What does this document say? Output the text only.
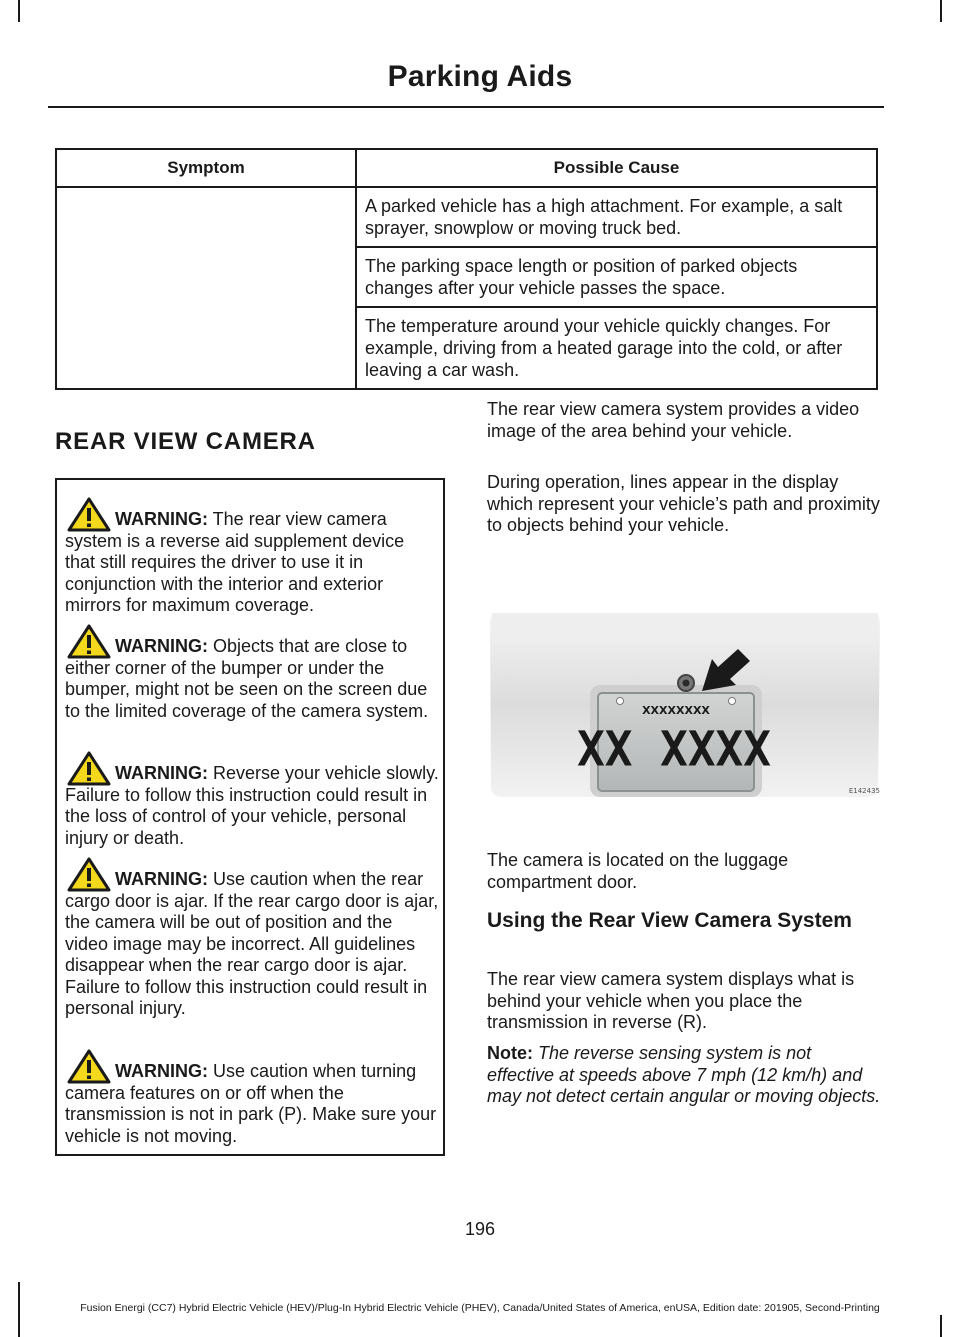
Parking Aids
Symptom	Possible Cause
	A parked vehicle has a high attachment. For example, a salt sprayer, snowplow or moving truck bed.
	The parking space length or position of parked objects changes after your vehicle passes the space.
	The temperature around your vehicle quickly changes. For example, driving from a heated garage into the cold, or after leaving a car wash.
REAR VIEW CAMERA

WARNING: The rear view camera system is a reverse aid supplement device that still requires the driver to use it in conjunction with the interior and exterior mirrors for maximum coverage.

WARNING: Objects that are close to either corner of the bumper or under the bumper, might not be seen on the screen due to the limited coverage of the camera system.

WARNING: Reverse your vehicle slowly. Failure to follow this instruction could result in the loss of control of your vehicle, personal injury or death.

WARNING: Use caution when the rear cargo door is ajar. If the rear cargo door is ajar, the camera will be out of position and the video image may be incorrect. All guidelines disappear when the rear cargo door is ajar. Failure to follow this instruction could result in personal injury.

WARNING: Use caution when turning camera features on or off when the transmission is not in park (P). Make sure your vehicle is not moving.

The rear view camera system provides a video image of the area behind your vehicle.

During operation, lines appear in the display which represent your vehicle’s path and proximity to objects behind your vehicle.

XXXXXXXX
XX XXXX
E142435

The camera is located on the luggage compartment door.

Using the Rear View Camera System

The rear view camera system displays what is behind your vehicle when you place the transmission in reverse (R).

Note: The reverse sensing system is not effective at speeds above 7 mph (12 km/h) and may not detect certain angular or moving objects.

196
Fusion Energi (CC7) Hybrid Electric Vehicle (HEV)/Plug-In Hybrid Electric Vehicle (PHEV), Canada/United States of America, enUSA, Edition date: 201905, Second-Printing
